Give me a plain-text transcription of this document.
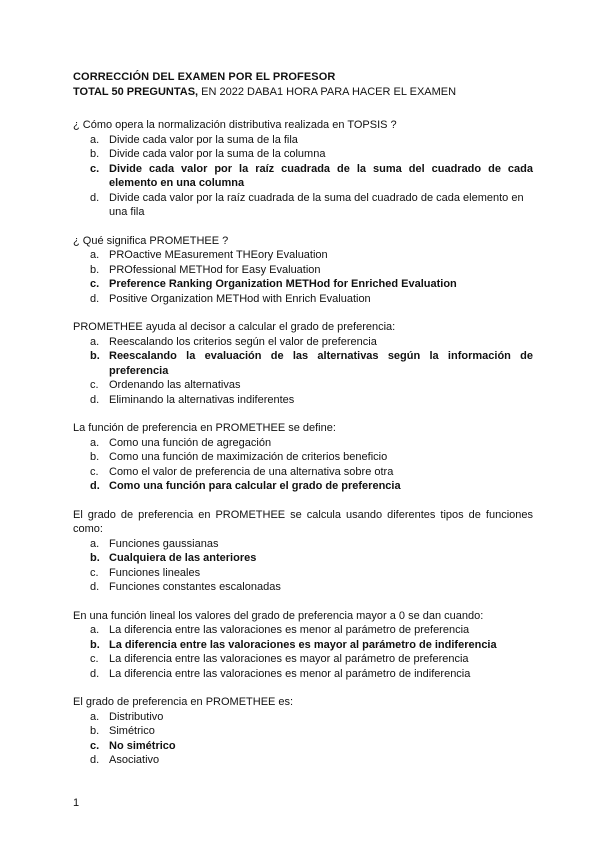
CORRECCIÓN DEL EXAMEN POR EL PROFESOR
TOTAL 50 PREGUNTAS, EN 2022 DABA1 HORA PARA HACER EL EXAMEN
¿ Cómo opera la normalización distributiva realizada en TOPSIS ?
a. Divide cada valor por la suma de la fila
b. Divide cada valor por la suma de la columna
c. Divide cada valor por la raíz cuadrada de la suma del cuadrado de cada elemento en una columna
d. Divide cada valor por la raíz cuadrada de la suma del cuadrado de cada elemento en una fila
¿ Qué significa PROMETHEE ?
a. PROactive MEasurement THEory Evaluation
b. PROfessional METHod for Easy Evaluation
c. Preference Ranking Organization METHod for Enriched Evaluation
d. Positive Organization METHod with Enrich Evaluation
PROMETHEE ayuda al decisor a calcular el grado de preferencia:
a. Reescalando los criterios según el valor de preferencia
b. Reescalando la evaluación de las alternativas según la información de preferencia
c. Ordenando las alternativas
d. Eliminando la alternativas indiferentes
La función de preferencia en PROMETHEE se define:
a. Como una función de agregación
b. Como una función de maximización de criterios beneficio
c. Como el valor de preferencia de una alternativa sobre otra
d. Como una función para calcular el grado de preferencia
El grado de preferencia en PROMETHEE se calcula usando diferentes tipos de funciones como:
a. Funciones gaussianas
b. Cualquiera de las anteriores
c. Funciones lineales
d. Funciones constantes escalonadas
En una función lineal los valores del grado de preferencia mayor a 0 se dan cuando:
a. La diferencia entre las valoraciones es menor al parámetro de preferencia
b. La diferencia entre las valoraciones es mayor al parámetro de indiferencia
c. La diferencia entre las valoraciones es mayor al parámetro de preferencia
d. La diferencia entre las valoraciones es menor al parámetro de indiferencia
El grado de preferencia en PROMETHEE es:
a. Distributivo
b. Simétrico
c. No simétrico
d. Asociativo
1
